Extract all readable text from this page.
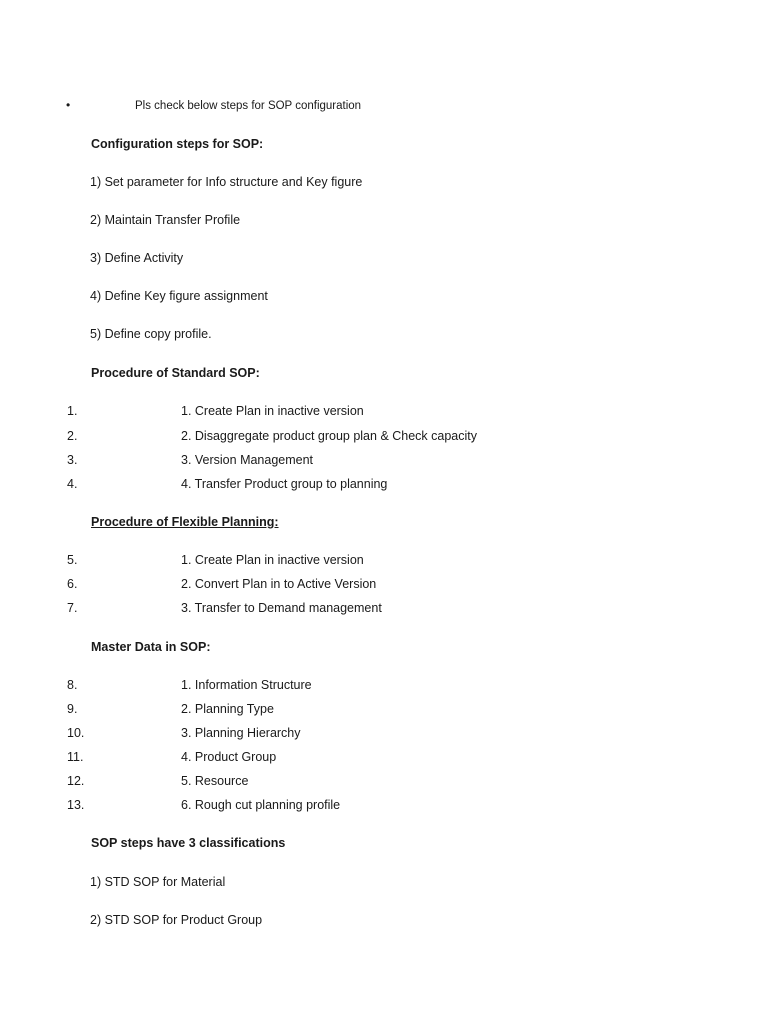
•	Pls check below steps for SOP configuration
Configuration steps for SOP:
1) Set parameter for Info structure and Key figure
2) Maintain Transfer Profile
3) Define Activity
4) Define Key figure assignment
5) Define copy profile.
Procedure of Standard SOP:
1.	1. Create Plan in inactive version
2.	2. Disaggregate product group plan & Check capacity
3.	3. Version Management
4.	4. Transfer Product group to planning
Procedure of Flexible Planning:
5.	1. Create Plan in inactive version
6.	2. Convert Plan in to Active Version
7.	3. Transfer to Demand management
Master Data in SOP:
8.	1. Information Structure
9.	2. Planning Type
10.	3. Planning Hierarchy
11.	4. Product Group
12.	5. Resource
13.	6. Rough cut planning profile
SOP steps have 3 classifications
1) STD SOP for Material
2) STD SOP for Product Group
